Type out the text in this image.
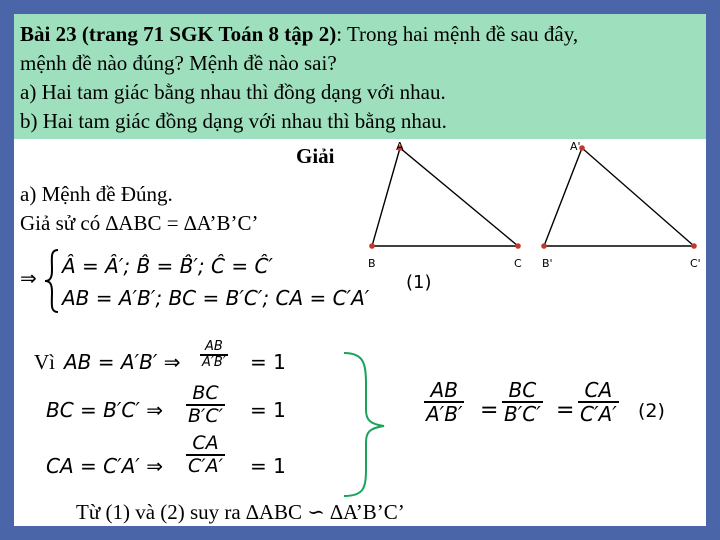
Bài 23 (trang 71 SGK Toán 8 tập 2): Trong hai mệnh đề sau đây,

mệnh đề nào đúng? Mệnh đề nào sai?

a) Hai tam giác bằng nhau thì đồng dạng với nhau.

b) Hai tam giác đồng dạng với nhau thì bằng nhau.

Giải	A
B	C
A'
B'	C'
a) Mệnh đề Đúng.
Giả sử có ∆ABC = ∆A’B’C’
⇒ Â = Â′; B̂ = B̂′; Ĉ = Ĉ′
AB = A′B′; BC = B′C′; CA = C′A′
(1)
Vì AB = A′B′ ⇒ $\frac{AB}{A'B'} = 1$
BC = B′C′ ⇒ $\frac{BC}{B'C'} = 1$
CA = C′A′ ⇒ $\frac{CA}{C'A'} = 1$
$\frac{AB}{A'B'} = \frac{BC}{B'C'} = \frac{CA}{C'A'} (2)$
Từ (1) và (2) suy ra ∆ABC ∽ ∆A’B’C’
